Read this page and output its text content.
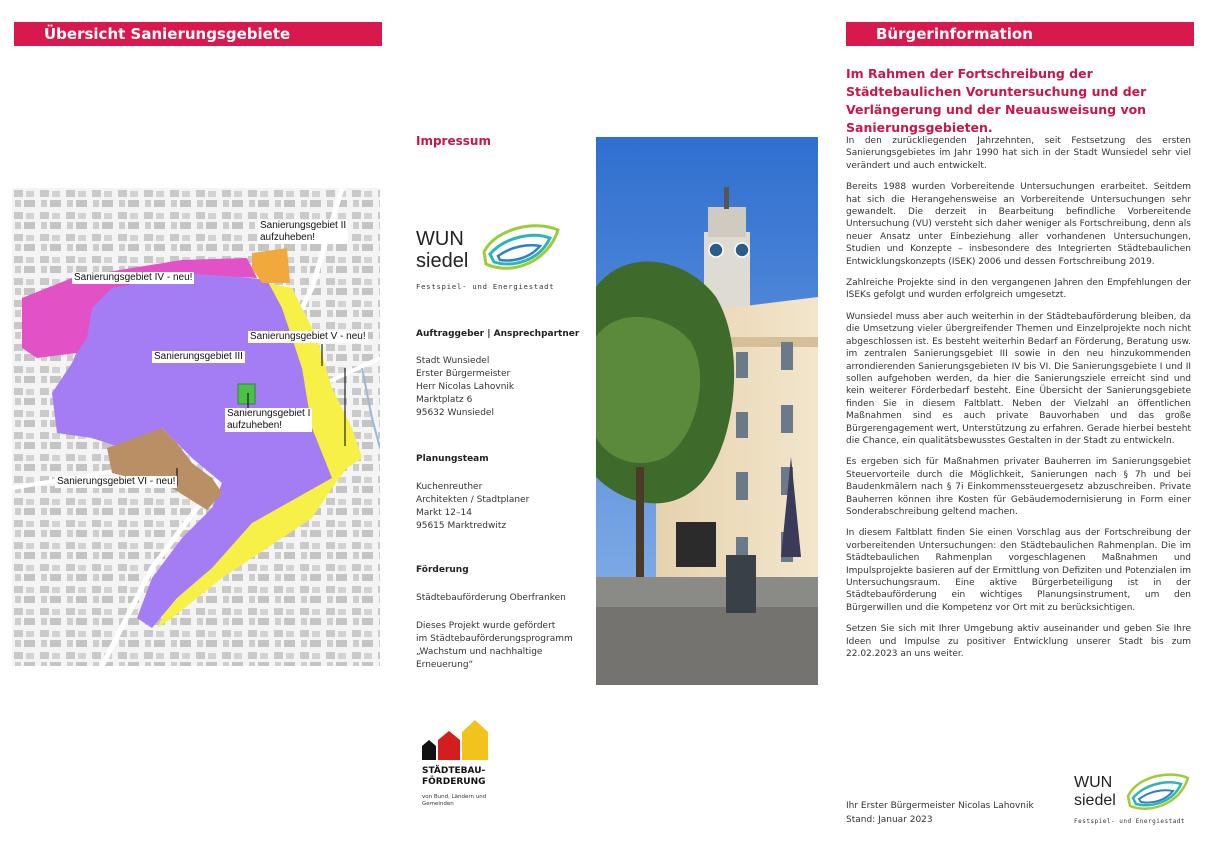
Übersicht Sanierungsgebiete
Sanierungsgebiet II
aufzuheben!
Sanierungsgebiet IV - neu!
Sanierungsgebiet V - neu!
Sanierungsgebiet III
Sanierungsgebiet I
aufzuheben!
Sanierungsgebiet VI - neu!
Impressum
WUN siedel
Festspiel- und Energiestadt
Auftraggeber | Ansprechpartner
Stadt Wunsiedel
Erster Bürgermeister
Herr Nicolas Lahovnik
Marktplatz 6
95632 Wunsiedel
Planungsteam
Kuchenreuther
Architekten / Stadtplaner
Markt 12–14
95615 Marktredwitz
Förderung
Städtebauförderung Oberfranken
Dieses Projekt wurde gefördert
im Städtebauförderungsprogramm
„Wachstum und nachhaltige
Erneuerung“
STÄDTEBAU-
FÖRDERUNG
von Bund, Ländern und
Gemeinden
Bürgerinformation
Im Rahmen der Fortschreibung der Städtebaulichen Voruntersuchung und der Verlängerung und der Neuausweisung von Sanierungsgebieten.

In den zurückliegenden Jahrzehnten, seit Festsetzung des ersten Sanierungsgebietes im Jahr 1990 hat sich in der Stadt Wunsiedel sehr viel verändert und auch entwickelt.

Bereits 1988 wurden Vorbereitende Untersuchungen erarbeitet. Seitdem hat sich die Herangehensweise an Vorbereitende Untersuchungen sehr gewandelt. Die derzeit in Bearbeitung befindliche Vorbereitende Untersuchung (VU) versteht sich daher weniger als Fortschreibung, denn als neuer Ansatz unter Einbeziehung aller vorhandenen Untersuchungen, Studien und Konzepte – insbesondere des Integrierten Städtebaulichen Entwicklungskonzepts (ISEK) 2006 und dessen Fortschreibung 2019.

Zahlreiche Projekte sind in den vergangenen Jahren den Empfehlungen der ISEKs gefolgt und wurden erfolgreich umgesetzt.

Wunsiedel muss aber auch weiterhin in der Städtebauförderung bleiben, da die Umsetzung vieler übergreifender Themen und Einzelprojekte noch nicht abgeschlossen ist. Es besteht weiterhin Bedarf an Förderung, Beratung usw. im zentralen Sanierungsgebiet III sowie in den neu hinzukommenden arrondierenden Sanierungsgebieten IV bis VI. Die Sanierungsgebiete I und II sollen aufgehoben werden, da hier die Sanierungsziele erreicht sind und kein weiterer Förderbedarf besteht. Eine Übersicht der Sanierungsgebiete finden Sie in diesem Faltblatt. Neben der Vielzahl an öffentlichen Maßnahmen sind es auch private Bauvorhaben und das große Bürgerengagement wert, Unterstützung zu erfahren. Gerade hierbei besteht die Chance, ein qualitätsbewusstes Gestalten in der Stadt zu entwickeln.

Es ergeben sich für Maßnahmen privater Bauherren im Sanierungsgebiet Steuervorteile durch die Möglichkeit, Sanierungen nach § 7h und bei Baudenkmälern nach § 7i Einkommenssteuergesetz abzuschreiben. Private Bauherren können ihre Kosten für Gebäudemodernisierung in Form einer Sonderabschreibung geltend machen.

In diesem Faltblatt finden Sie einen Vorschlag aus der Fortschreibung der vorbereitenden Untersuchungen: den Städtebaulichen Rahmenplan. Die im Städtebaulichen Rahmenplan vorgeschlagenen Maßnahmen und Impulsprojekte basieren auf der Ermittlung von Defiziten und Potenzialen im Untersuchungsraum. Eine aktive Bürgerbeteiligung ist in der Städtebauförderung ein wichtiges Planungsinstrument, um den Bürgerwillen und die Kompetenz vor Ort mit zu berücksichtigen.

Setzen Sie sich mit Ihrer Umgebung aktiv auseinander und geben Sie Ihre Ideen und Impulse zu positiver Entwicklung unserer Stadt bis zum 22.02.2023 an uns weiter.

Ihr Erster Bürgermeister Nicolas Lahovnik
Stand: Januar 2023
WUN siedel
Festspiel- und Energiestadt
